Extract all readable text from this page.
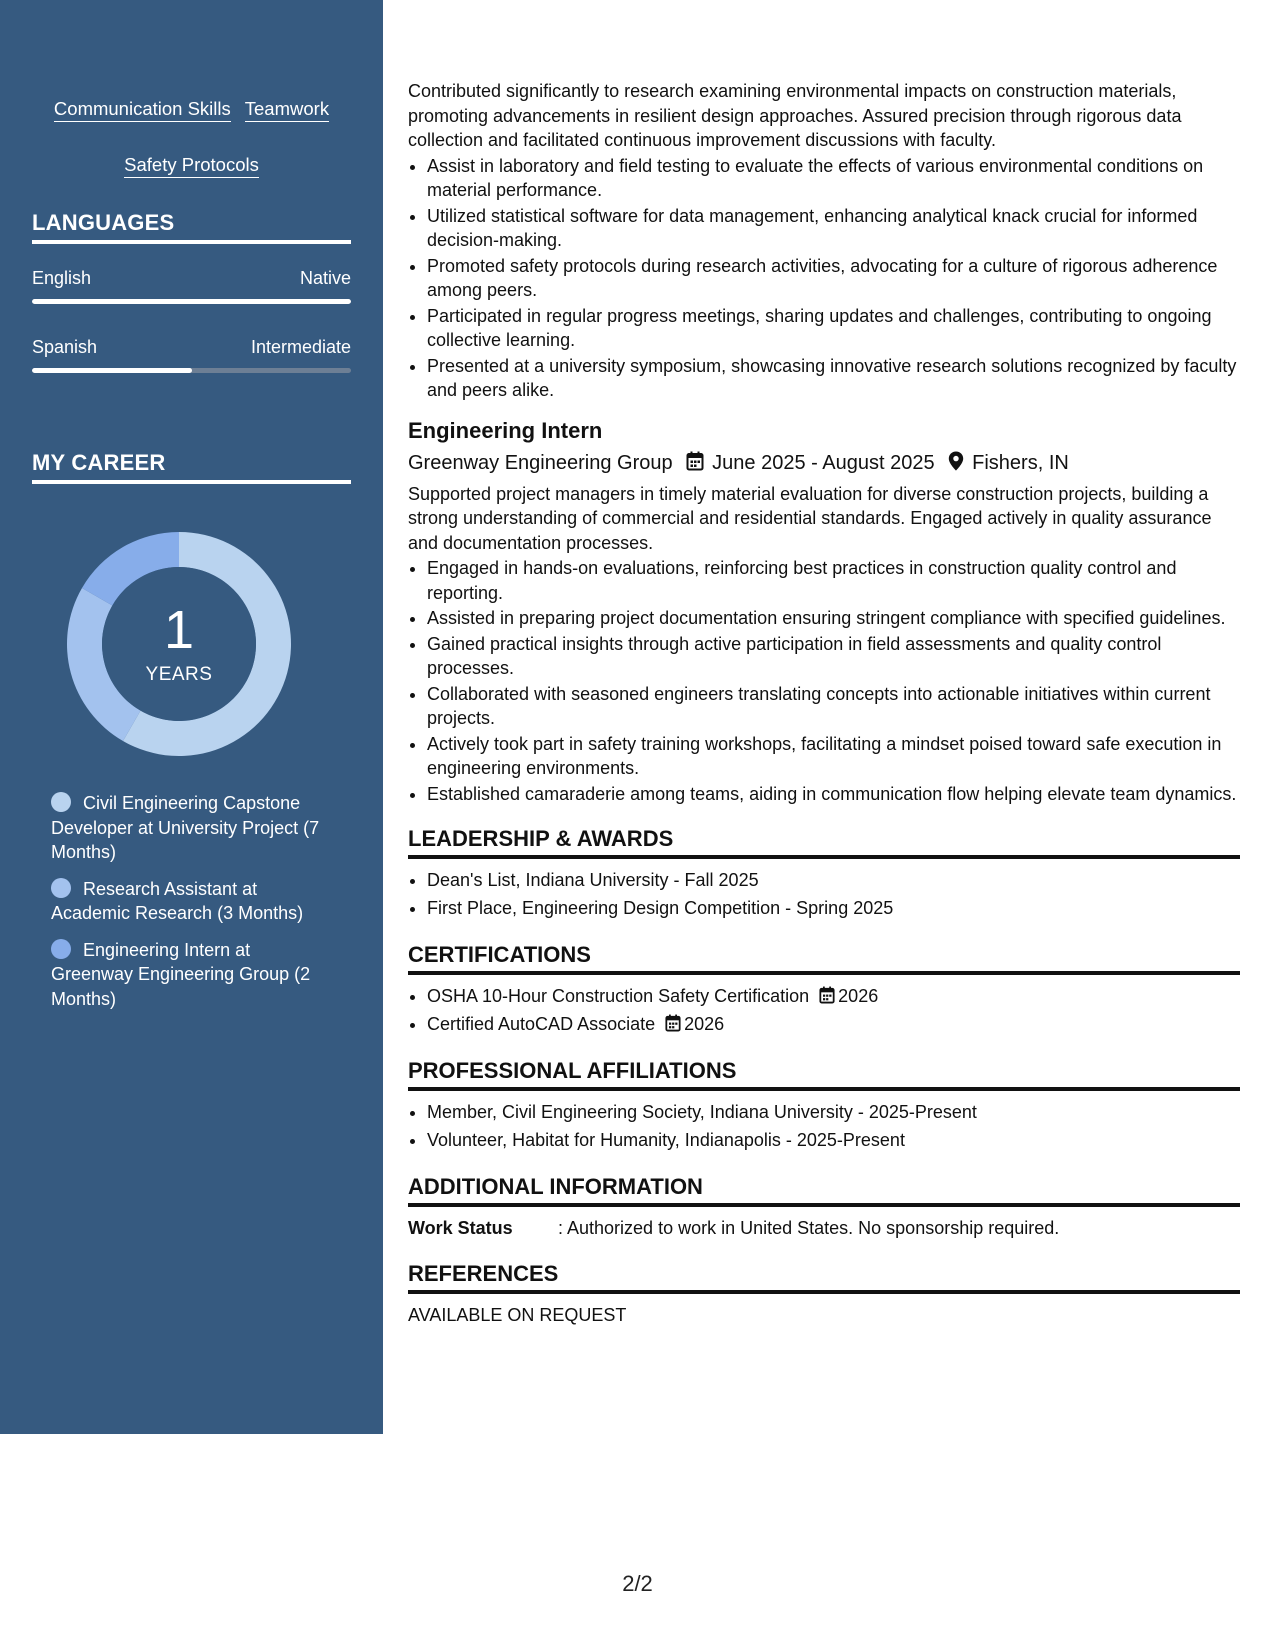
Communication Skills Teamwork
Safety Protocols
LANGUAGES
English	Native
Spanish	Intermediate
MY CAREER
1
YEARS
Civil Engineering Capstone Developer at University Project (7 Months)
Research Assistant at Academic Research (3 Months)
Engineering Intern at Greenway Engineering Group (2 Months)

Contributed significantly to research examining environmental impacts on construction materials, promoting advancements in resilient design approaches. Assured precision through rigorous data collection and facilitated continuous improvement discussions with faculty.

• Assist in laboratory and field testing to evaluate the effects of various environmental conditions on material performance.
• Utilized statistical software for data management, enhancing analytical knack crucial for informed decision-making.
• Promoted safety protocols during research activities, advocating for a culture of rigorous adherence among peers.
• Participated in regular progress meetings, sharing updates and challenges, contributing to ongoing collective learning.
• Presented at a university symposium, showcasing innovative research solutions recognized by faculty and peers alike.
Engineering Intern
Greenway Engineering Group June 2025 - August 2025 Fishers, IN

Supported project managers in timely material evaluation for diverse construction projects, building a strong understanding of commercial and residential standards. Engaged actively in quality assurance and documentation processes.

• Engaged in hands-on evaluations, reinforcing best practices in construction quality control and reporting.
• Assisted in preparing project documentation ensuring stringent compliance with specified guidelines.
• Gained practical insights through active participation in field assessments and quality control processes.
• Collaborated with seasoned engineers translating concepts into actionable initiatives within current projects.
• Actively took part in safety training workshops, facilitating a mindset poised toward safe execution in engineering environments.
• Established camaraderie among teams, aiding in communication flow helping elevate team dynamics.
LEADERSHIP & AWARDS
• Dean's List, Indiana University - Fall 2025
• First Place, Engineering Design Competition - Spring 2025
CERTIFICATIONS
• OSHA 10-Hour Construction Safety Certification 2026
• Certified AutoCAD Associate 2026
PROFESSIONAL AFFILIATIONS
• Member, Civil Engineering Society, Indiana University - 2025-Present
• Volunteer, Habitat for Humanity, Indianapolis - 2025-Present
ADDITIONAL INFORMATION
Work Status	: Authorized to work in United States. No sponsorship required.
REFERENCES
AVAILABLE ON REQUEST
2/2
